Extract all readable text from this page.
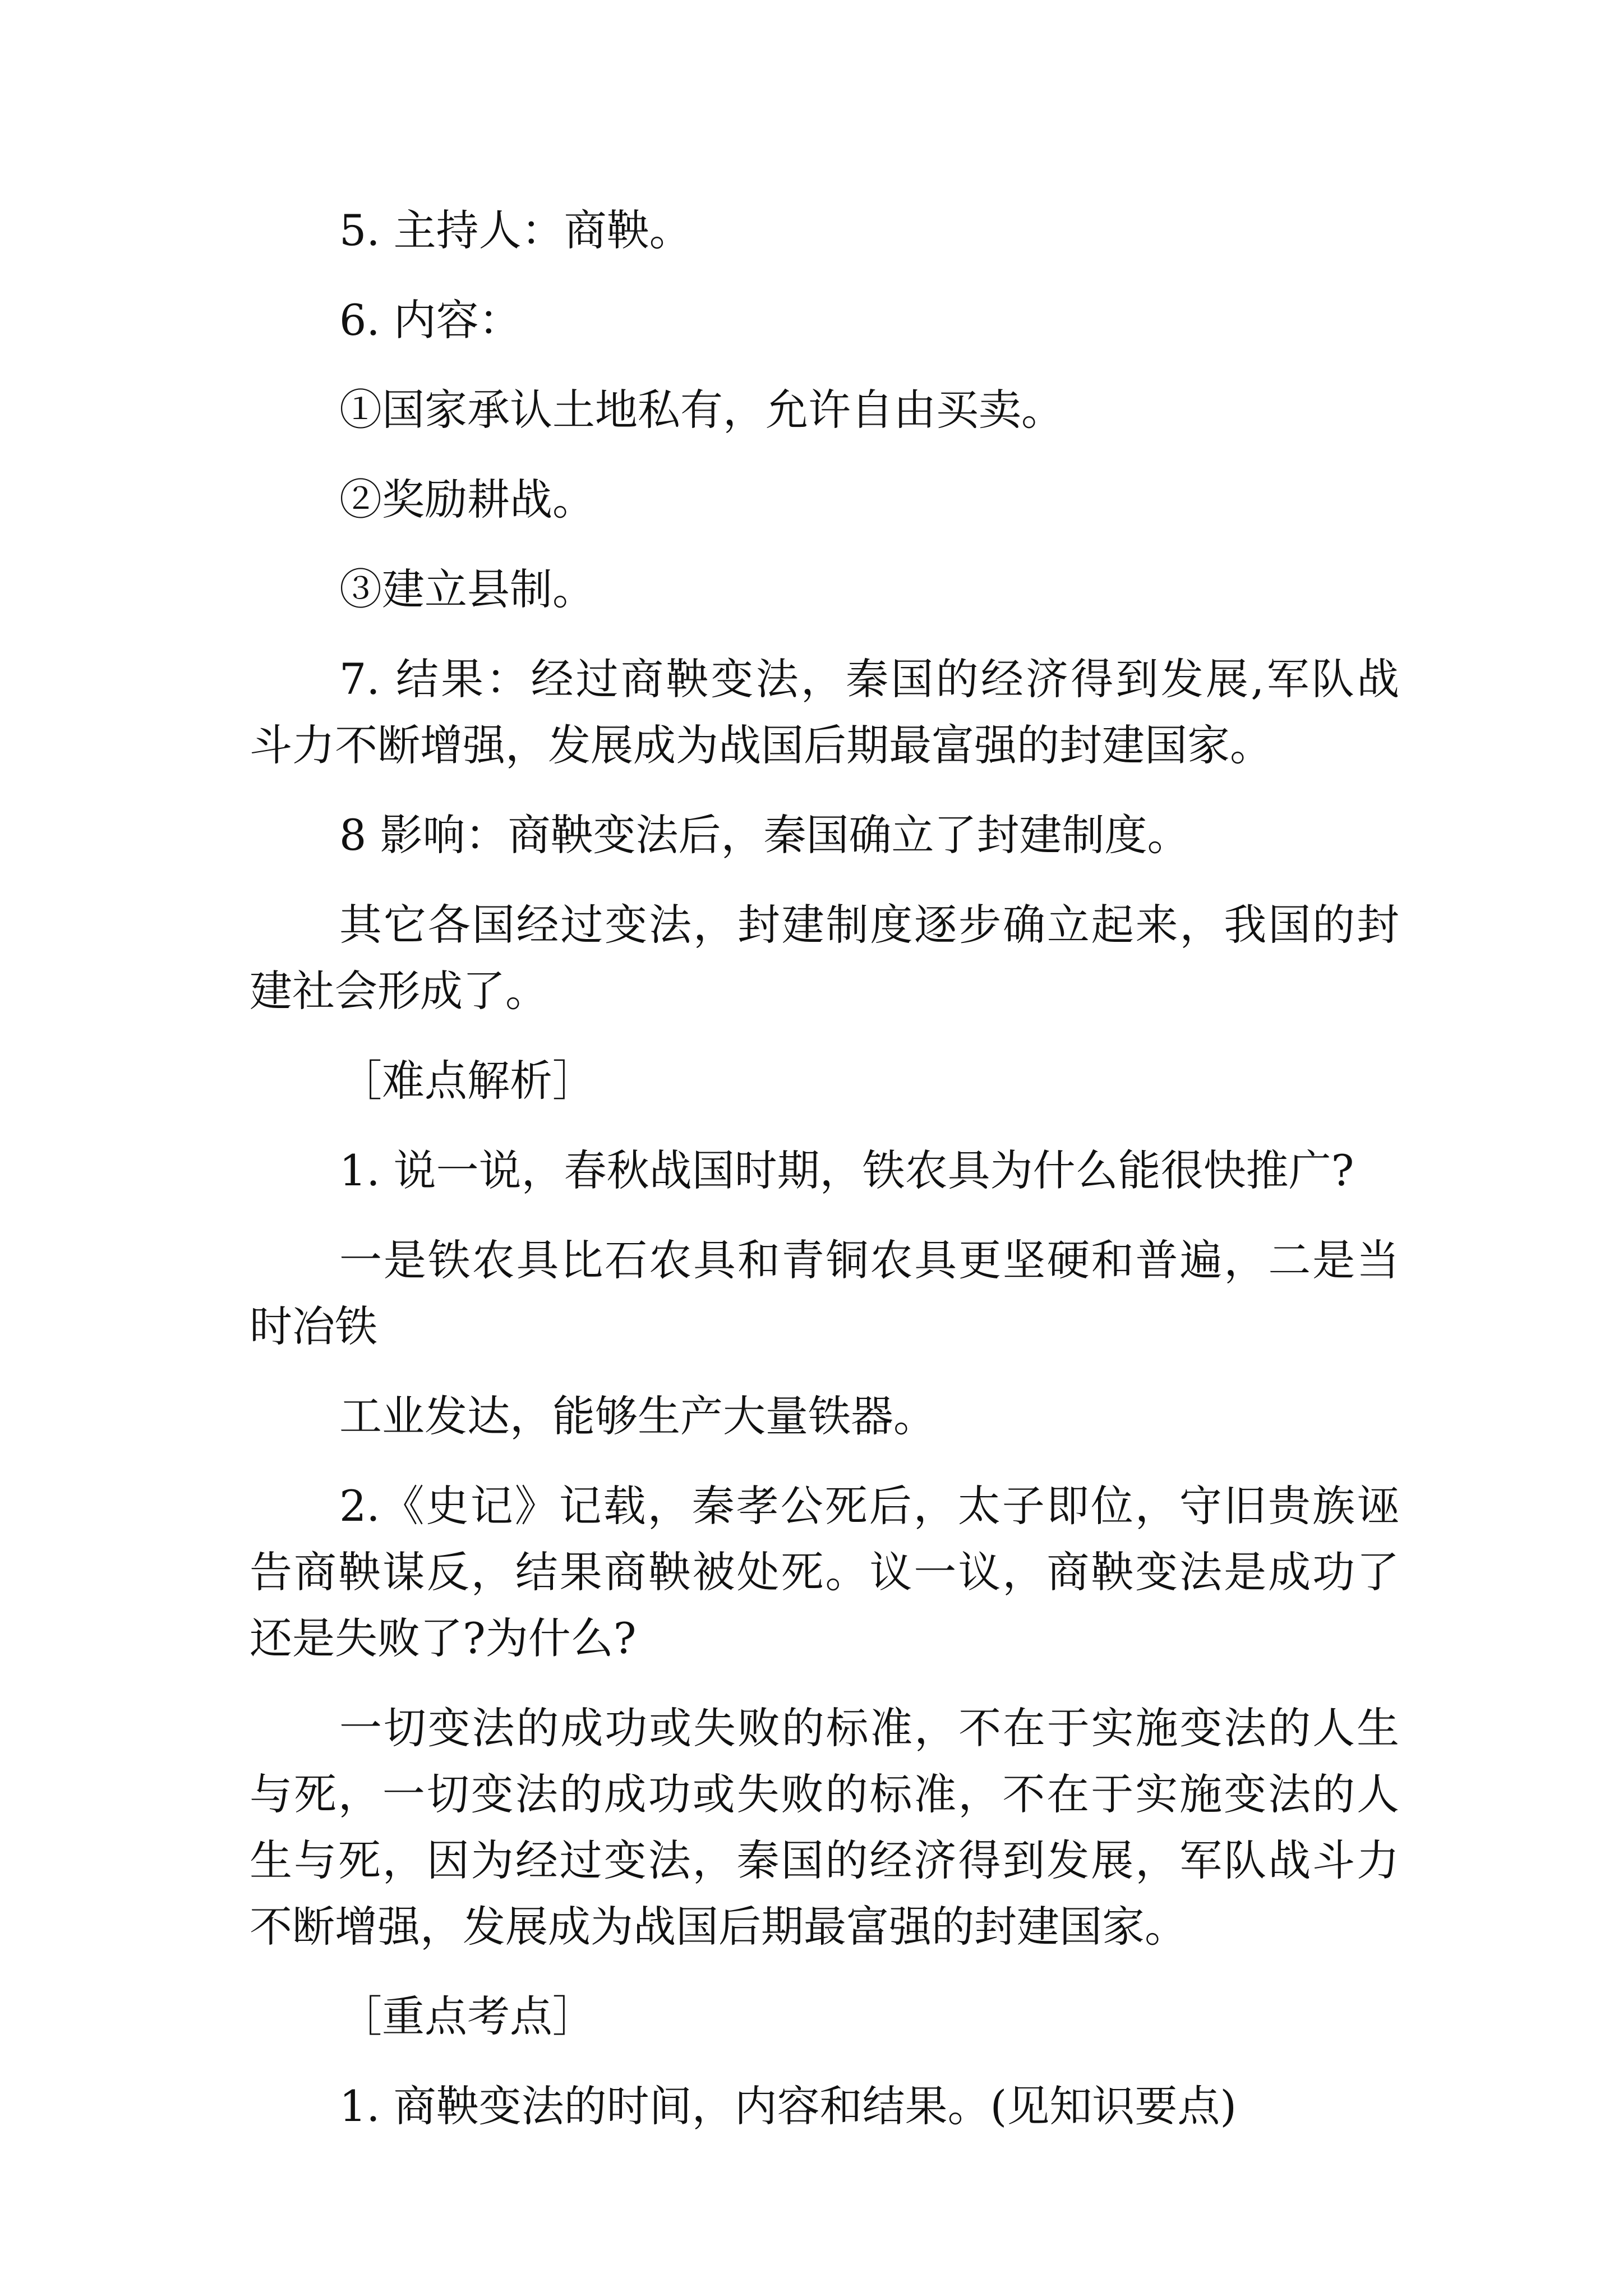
5. 主持人：商鞅。
6. 内容：
①国家承认土地私有，允许自由买卖。
②奖励耕战。
③建立县制。
7. 结果：经过商鞅变法，秦国的经济得到发展,军队战
斗力不断增强，发展成为战国后期最富强的封建国家。
8 影响：商鞅变法后，秦国确立了封建制度。
其它各国经过变法，封建制度逐步确立起来，我国的封
建社会形成了。
［难点解析］
1. 说一说，春秋战国时期，铁农具为什么能很快推广?
一是铁农具比石农具和青铜农具更坚硬和普遍，二是当
时冶铁
工业发达，能够生产大量铁器。
2.《史记》记载，秦孝公死后，太子即位，守旧贵族诬
告商鞅谋反，结果商鞅被处死。议一议，商鞅变法是成功了
还是失败了?为什么?
一切变法的成功或失败的标准，不在于实施变法的人生
与死，一切变法的成功或失败的标准，不在于实施变法的人
生与死，因为经过变法，秦国的经济得到发展，军队战斗力
不断增强，发展成为战国后期最富强的封建国家。
［重点考点］
1. 商鞅变法的时间，内容和结果。(见知识要点)
